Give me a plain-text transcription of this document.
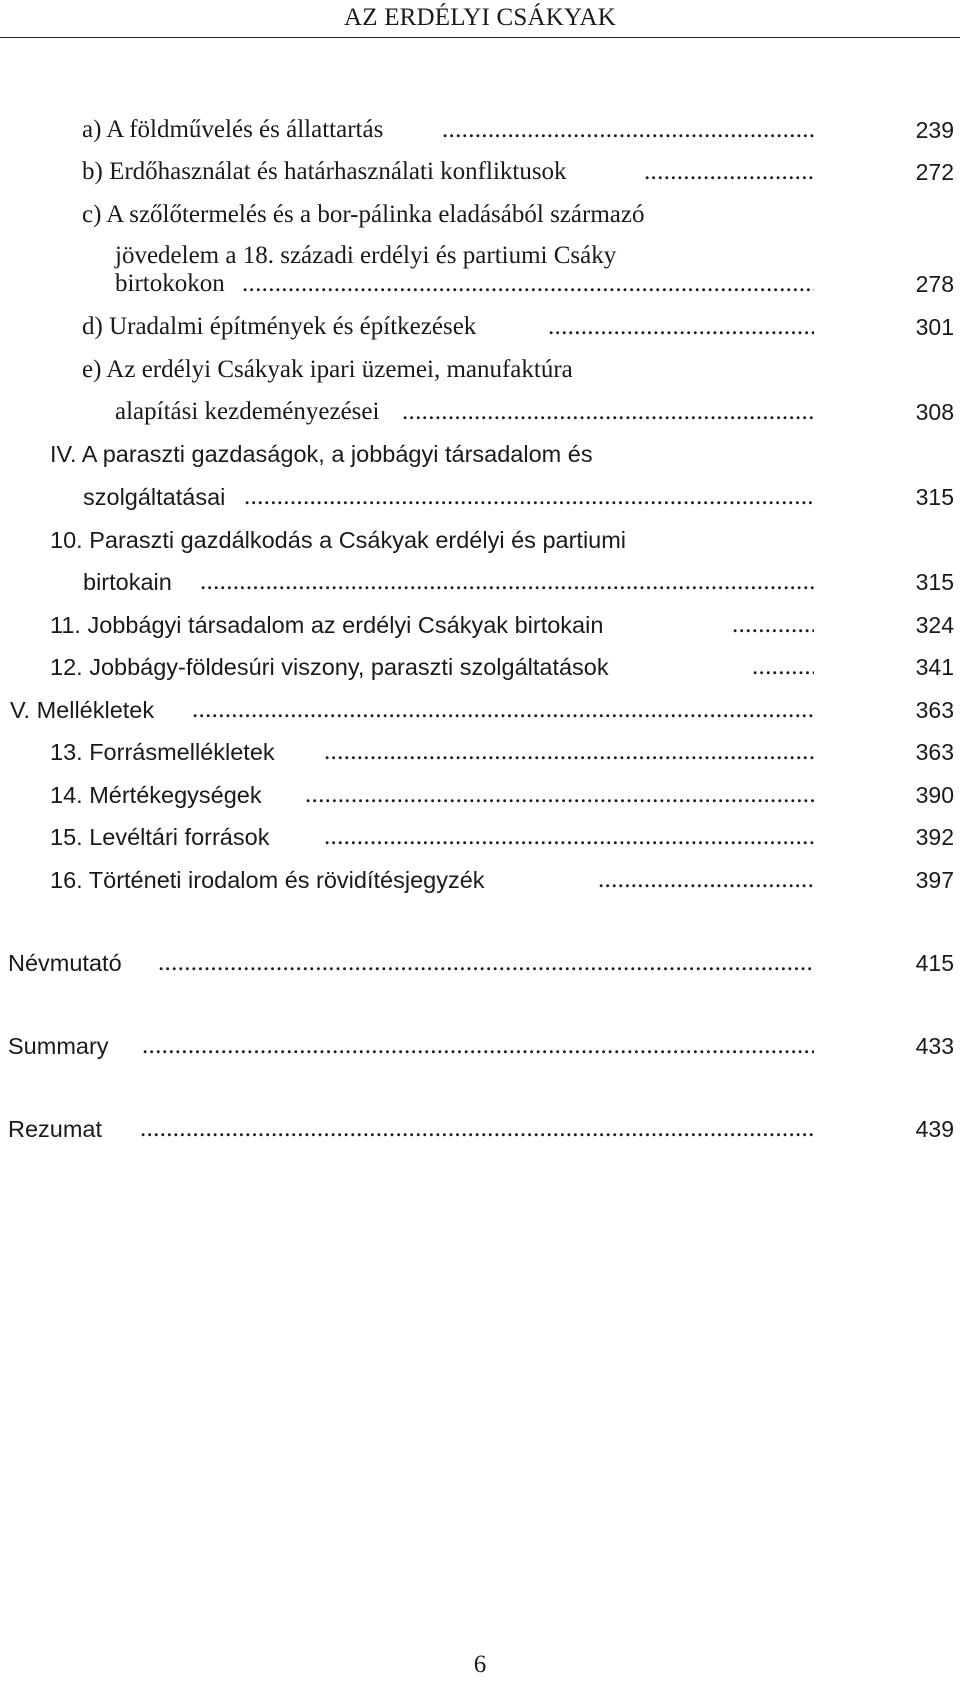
AZ ERDÉLYI CSÁKYAK
a) A földművelés és állattartás .....	239
b) Erdőhasználat és határhasználati konfliktusok .....	272
c) A szőlőtermelés és a bor-pálinka eladásából származó
jövedelem a 18. századi erdélyi és partiumi Csáky
birtokokon .....	278
d) Uradalmi építmények és építkezések .....	301
e) Az erdélyi Csákyak ipari üzemei, manufaktúra
alapítási kezdeményezései .....	308
IV. A paraszti gazdaságok, a jobbágyi társadalom és
szolgáltatásai .....	315
10. Paraszti gazdálkodás a Csákyak erdélyi és partiumi
birtokain .....	315
11. Jobbágyi társadalom az erdélyi Csákyak birtokain .....	324
12. Jobbágy-földesúri viszony, paraszti szolgáltatások .....	341
V. Mellékletek .....	363
13. Forrásmellékletek .....	363
14. Mértékegységek .....	390
15. Levéltári források .....	392
16. Történeti irodalom és rövidítésjegyzék .....	397
Névmutató .....	415
Summary .....	433
Rezumat .....	439
6
